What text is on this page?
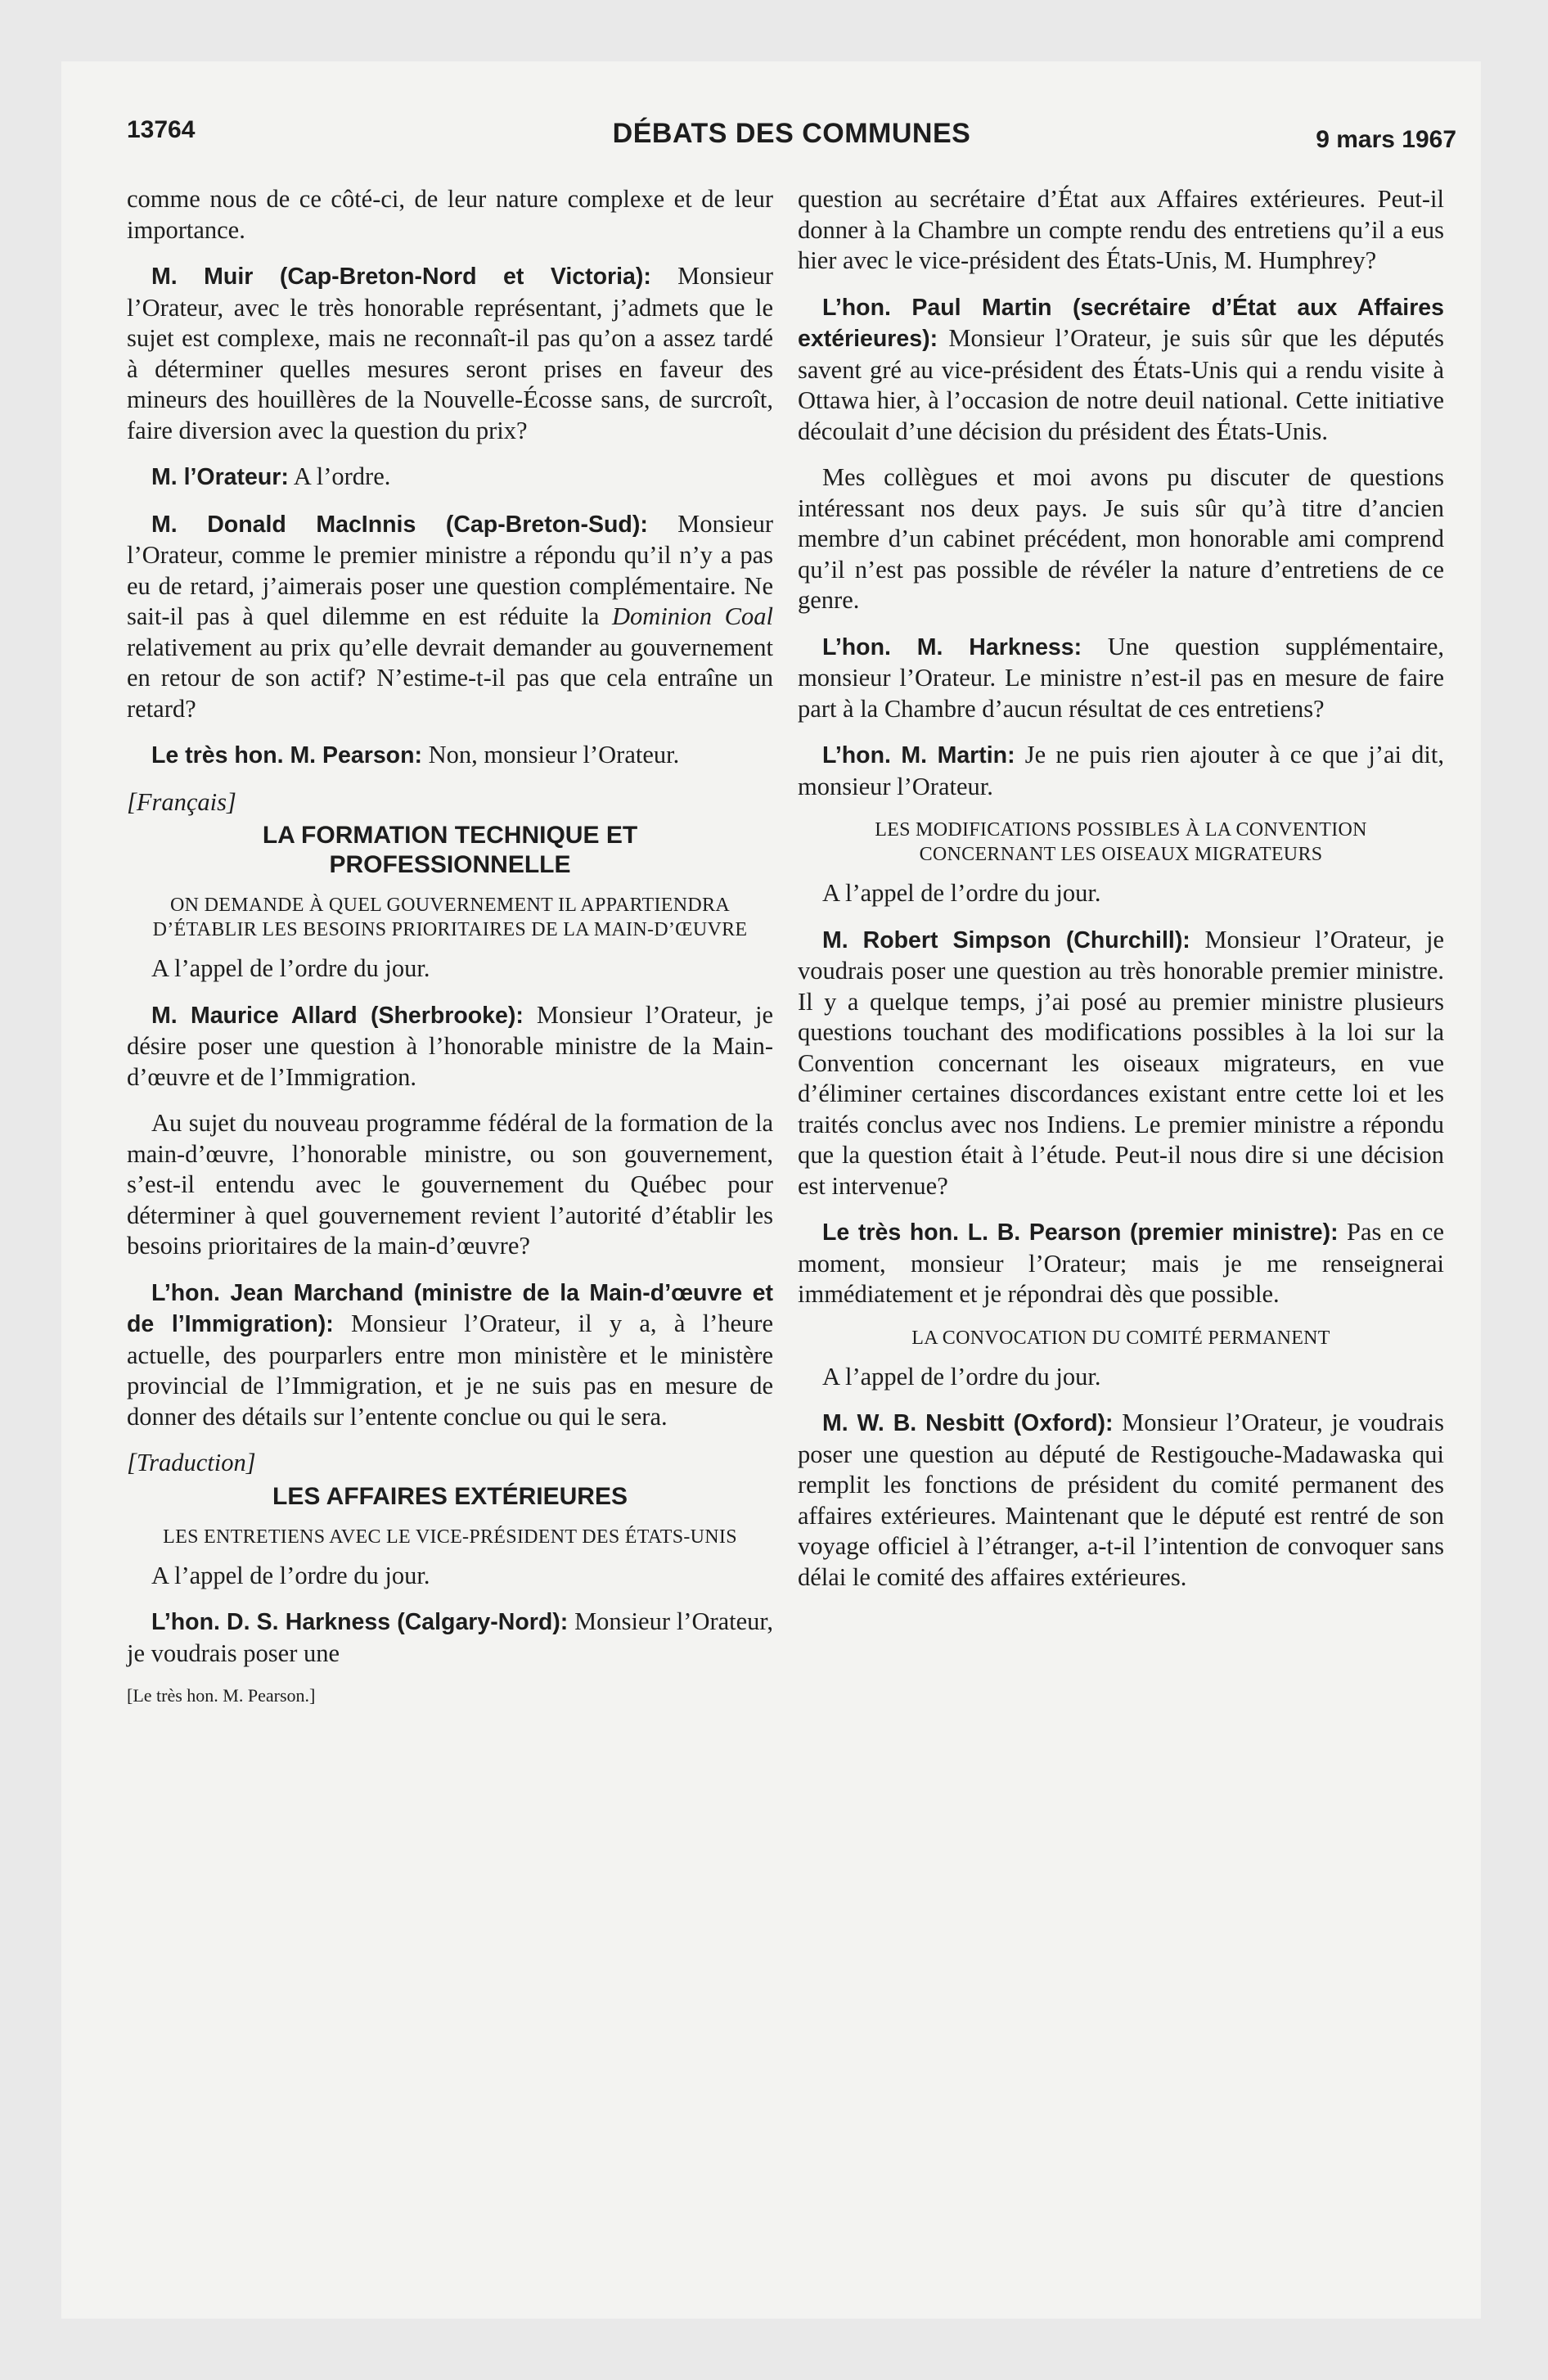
13764	DÉBATS DES COMMUNES	9 mars 1967

comme nous de ce côté-ci, de leur nature complexe et de leur importance.

M. Muir (Cap-Breton-Nord et Victoria): Monsieur l’Orateur, avec le très honorable représentant, j’admets que le sujet est complexe, mais ne reconnaît-il pas qu’on a assez tardé à déterminer quelles mesures seront prises en faveur des mineurs des houillères de la Nouvelle-Écosse sans, de surcroît, faire diversion avec la question du prix?

M. l’Orateur: A l’ordre.

M. Donald MacInnis (Cap-Breton-Sud): Monsieur l’Orateur, comme le premier ministre a répondu qu’il n’y a pas eu de retard, j’aimerais poser une question complémentaire. Ne sait-il pas à quel dilemme en est réduite la Dominion Coal relativement au prix qu’elle devrait demander au gouvernement en retour de son actif? N’estime-t-il pas que cela entraîne un retard?

Le très hon. M. Pearson: Non, monsieur l’Orateur.

[Français]
LA FORMATION TECHNIQUE ET PROFESSIONNELLE
ON DEMANDE À QUEL GOUVERNEMENT IL APPARTIENDRA D’ÉTABLIR LES BESOINS PRIORITAIRES DE LA MAIN-D’ŒUVRE

A l’appel de l’ordre du jour.

M. Maurice Allard (Sherbrooke): Monsieur l’Orateur, je désire poser une question à l’honorable ministre de la Main-d’œuvre et de l’Immigration.

Au sujet du nouveau programme fédéral de la formation de la main-d’œuvre, l’honorable ministre, ou son gouvernement, s’est-il entendu avec le gouvernement du Québec pour déterminer à quel gouvernement revient l’autorité d’établir les besoins prioritaires de la main-d’œuvre?

L’hon. Jean Marchand (ministre de la Main-d’œuvre et de l’Immigration): Monsieur l’Orateur, il y a, à l’heure actuelle, des pourparlers entre mon ministère et le ministère provincial de l’Immigration, et je ne suis pas en mesure de donner des détails sur l’entente conclue ou qui le sera.

[Traduction]
LES AFFAIRES EXTÉRIEURES
LES ENTRETIENS AVEC LE VICE-PRÉSIDENT DES ÉTATS-UNIS

A l’appel de l’ordre du jour.

L’hon. D. S. Harkness (Calgary-Nord): Monsieur l’Orateur, je voudrais poser une

[Le très hon. M. Pearson.]

question au secrétaire d’État aux Affaires extérieures. Peut-il donner à la Chambre un compte rendu des entretiens qu’il a eus hier avec le vice-président des États-Unis, M. Humphrey?

L’hon. Paul Martin (secrétaire d’État aux Affaires extérieures): Monsieur l’Orateur, je suis sûr que les députés savent gré au vice-président des États-Unis qui a rendu visite à Ottawa hier, à l’occasion de notre deuil national. Cette initiative découlait d’une décision du président des États-Unis.

Mes collègues et moi avons pu discuter de questions intéressant nos deux pays. Je suis sûr qu’à titre d’ancien membre d’un cabinet précédent, mon honorable ami comprend qu’il n’est pas possible de révéler la nature d’entretiens de ce genre.

L’hon. M. Harkness: Une question supplémentaire, monsieur l’Orateur. Le ministre n’est-il pas en mesure de faire part à la Chambre d’aucun résultat de ces entretiens?

L’hon. M. Martin: Je ne puis rien ajouter à ce que j’ai dit, monsieur l’Orateur.

LES MODIFICATIONS POSSIBLES À LA CONVENTION CONCERNANT LES OISEAUX MIGRATEURS

A l’appel de l’ordre du jour.

M. Robert Simpson (Churchill): Monsieur l’Orateur, je voudrais poser une question au très honorable premier ministre. Il y a quelque temps, j’ai posé au premier ministre plusieurs questions touchant des modifications possibles à la loi sur la Convention concernant les oiseaux migrateurs, en vue d’éliminer certaines discordances existant entre cette loi et les traités conclus avec nos Indiens. Le premier ministre a répondu que la question était à l’étude. Peut-il nous dire si une décision est intervenue?

Le très hon. L. B. Pearson (premier ministre): Pas en ce moment, monsieur l’Orateur; mais je me renseignerai immédiatement et je répondrai dès que possible.

LA CONVOCATION DU COMITÉ PERMANENT

A l’appel de l’ordre du jour.

M. W. B. Nesbitt (Oxford): Monsieur l’Orateur, je voudrais poser une question au député de Restigouche-Madawaska qui remplit les fonctions de président du comité permanent des affaires extérieures. Maintenant que le député est rentré de son voyage officiel à l’étranger, a-t-il l’intention de convoquer sans délai le comité des affaires extérieures.
